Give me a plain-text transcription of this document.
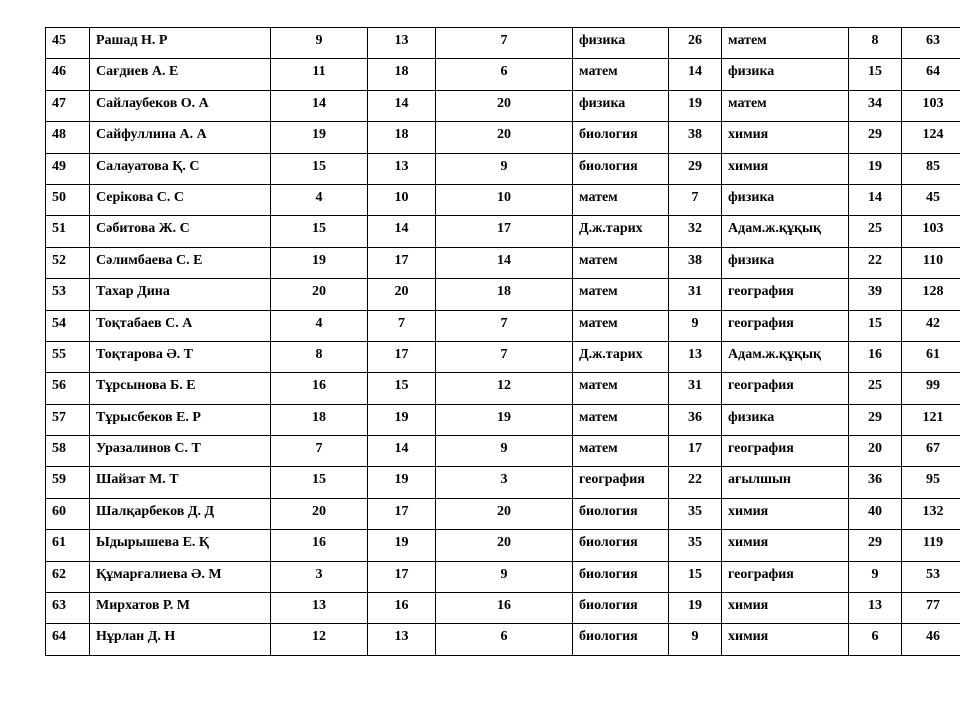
45	Рашад Н. Р	9	13	7	физика	26	матем	8	63
46	Сағдиев А. Е	11	18	6	матем	14	физика	15	64
47	Сайлаубеков О. А	14	14	20	физика	19	матем	34	103
48	Сайфуллина А. А	19	18	20	биология	38	химия	29	124
49	Салауатова Қ. С	15	13	9	биология	29	химия	19	85
50	Серікова С. С	4	10	10	матем	7	физика	14	45
51	Сәбитова Ж. С	15	14	17	Д.ж.тарих	32	Адам.ж.құқық	25	103
52	Сәлимбаева С. Е	19	17	14	матем	38	физика	22	110
53	Тахар Дина	20	20	18	матем	31	география	39	128
54	Тоқтабаев С. А	4	7	7	матем	9	география	15	42
55	Тоқтарова Ә. Т	8	17	7	Д.ж.тарих	13	Адам.ж.құқық	16	61
56	Тұрсынова Б. Е	16	15	12	матем	31	география	25	99
57	Тұрысбеков Е. Р	18	19	19	матем	36	физика	29	121
58	Уразалинов С. Т	7	14	9	матем	17	география	20	67
59	Шайзат М. Т	15	19	3	география	22	ағылшын	36	95
60	Шалқарбеков Д. Д	20	17	20	биология	35	химия	40	132
61	Ыдырышева Е. Қ	16	19	20	биология	35	химия	29	119
62	Құмарғалиева Ә. М	3	17	9	биология	15	география	9	53
63	Мирхатов Р. М	13	16	16	биология	19	химия	13	77
64	Нұрлан Д. Н	12	13	6	биология	9	химия	6	46
